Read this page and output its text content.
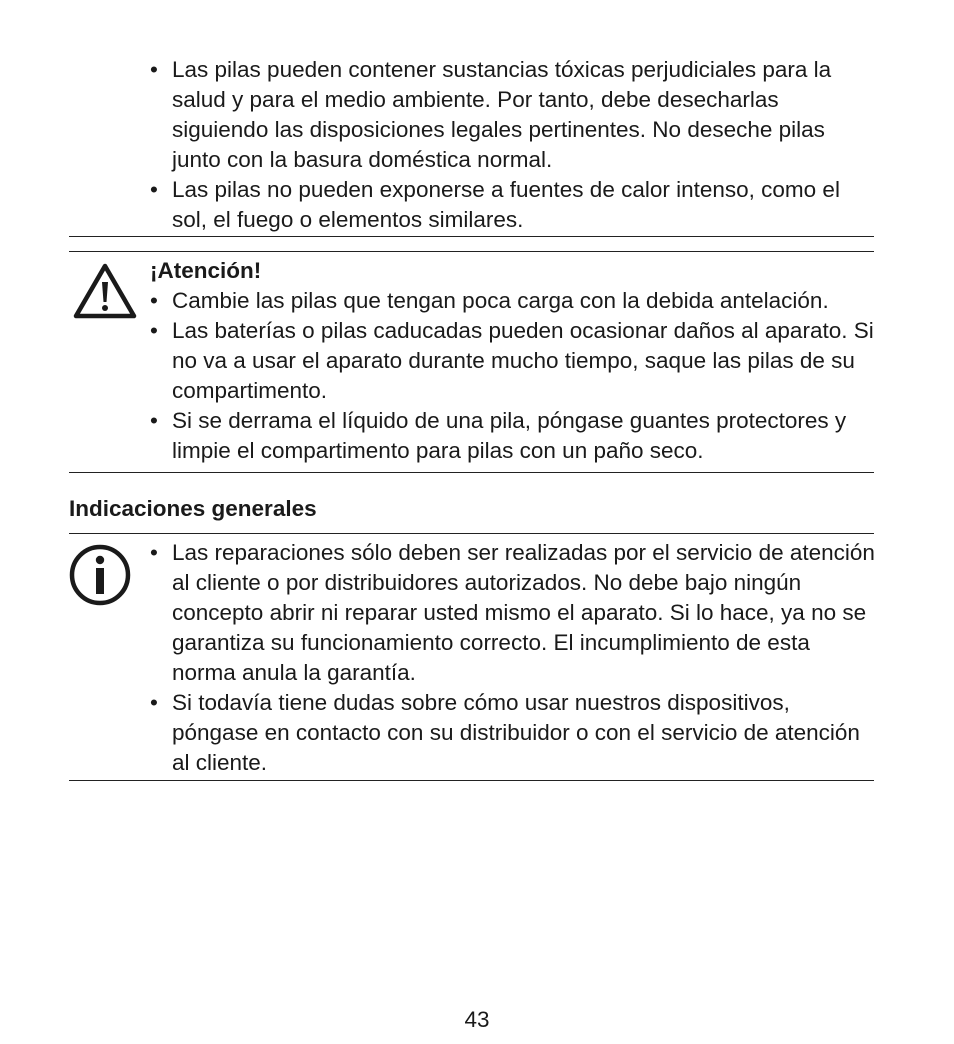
• Las pilas pueden contener sustancias tóxicas perjudiciales para la salud y para el medio ambiente. Por tanto, debe desecharlas siguiendo las disposiciones legales pertinentes. No deseche pilas junto con la basura doméstica normal.
• Las pilas no pueden exponerse a fuentes de calor intenso, como el sol, el fuego o elementos similares.

¡Atención!

• Cambie las pilas que tengan poca carga con la debida antelación.
• Las baterías o pilas caducadas pueden ocasionar daños al aparato. Si no va a usar el aparato durante mucho tiempo, saque las pilas de su compartimento.
• Si se derrama el líquido de una pila, póngase guantes protectores y limpie el compartimento para pilas con un paño seco.

Indicaciones generales

• Las reparaciones sólo deben ser realizadas por el servicio de atención al cliente o por distribuidores autorizados. No debe bajo ningún concepto abrir ni reparar usted mismo el aparato. Si lo hace, ya no se garantiza su funcionamiento correcto. El incumplimiento de esta norma anula la garantía.
• Si todavía tiene dudas sobre cómo usar nuestros dispositivos, póngase en contacto con su distribuidor o con el servicio de atención al cliente.
43
